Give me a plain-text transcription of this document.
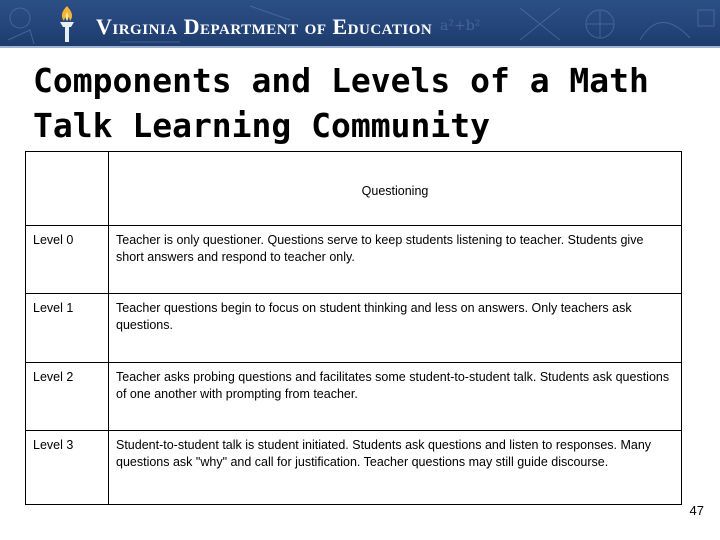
a²+b²
Virginia Department of Education
Components and Levels of a Math Talk Learning Community
	Questioning
Level 0	Teacher is only questioner. Questions serve to keep students listening to teacher. Students give short answers and respond to teacher only.
Level 1	Teacher questions begin to focus on student thinking and less on answers. Only teachers ask questions.
Level 2	Teacher asks probing questions and facilitates some student-to-student talk. Students ask questions of one another with prompting from teacher.
Level 3	Student-to-student talk is student initiated. Students ask questions and listen to responses. Many questions ask "why" and call for justification. Teacher questions may still guide discourse.
47
